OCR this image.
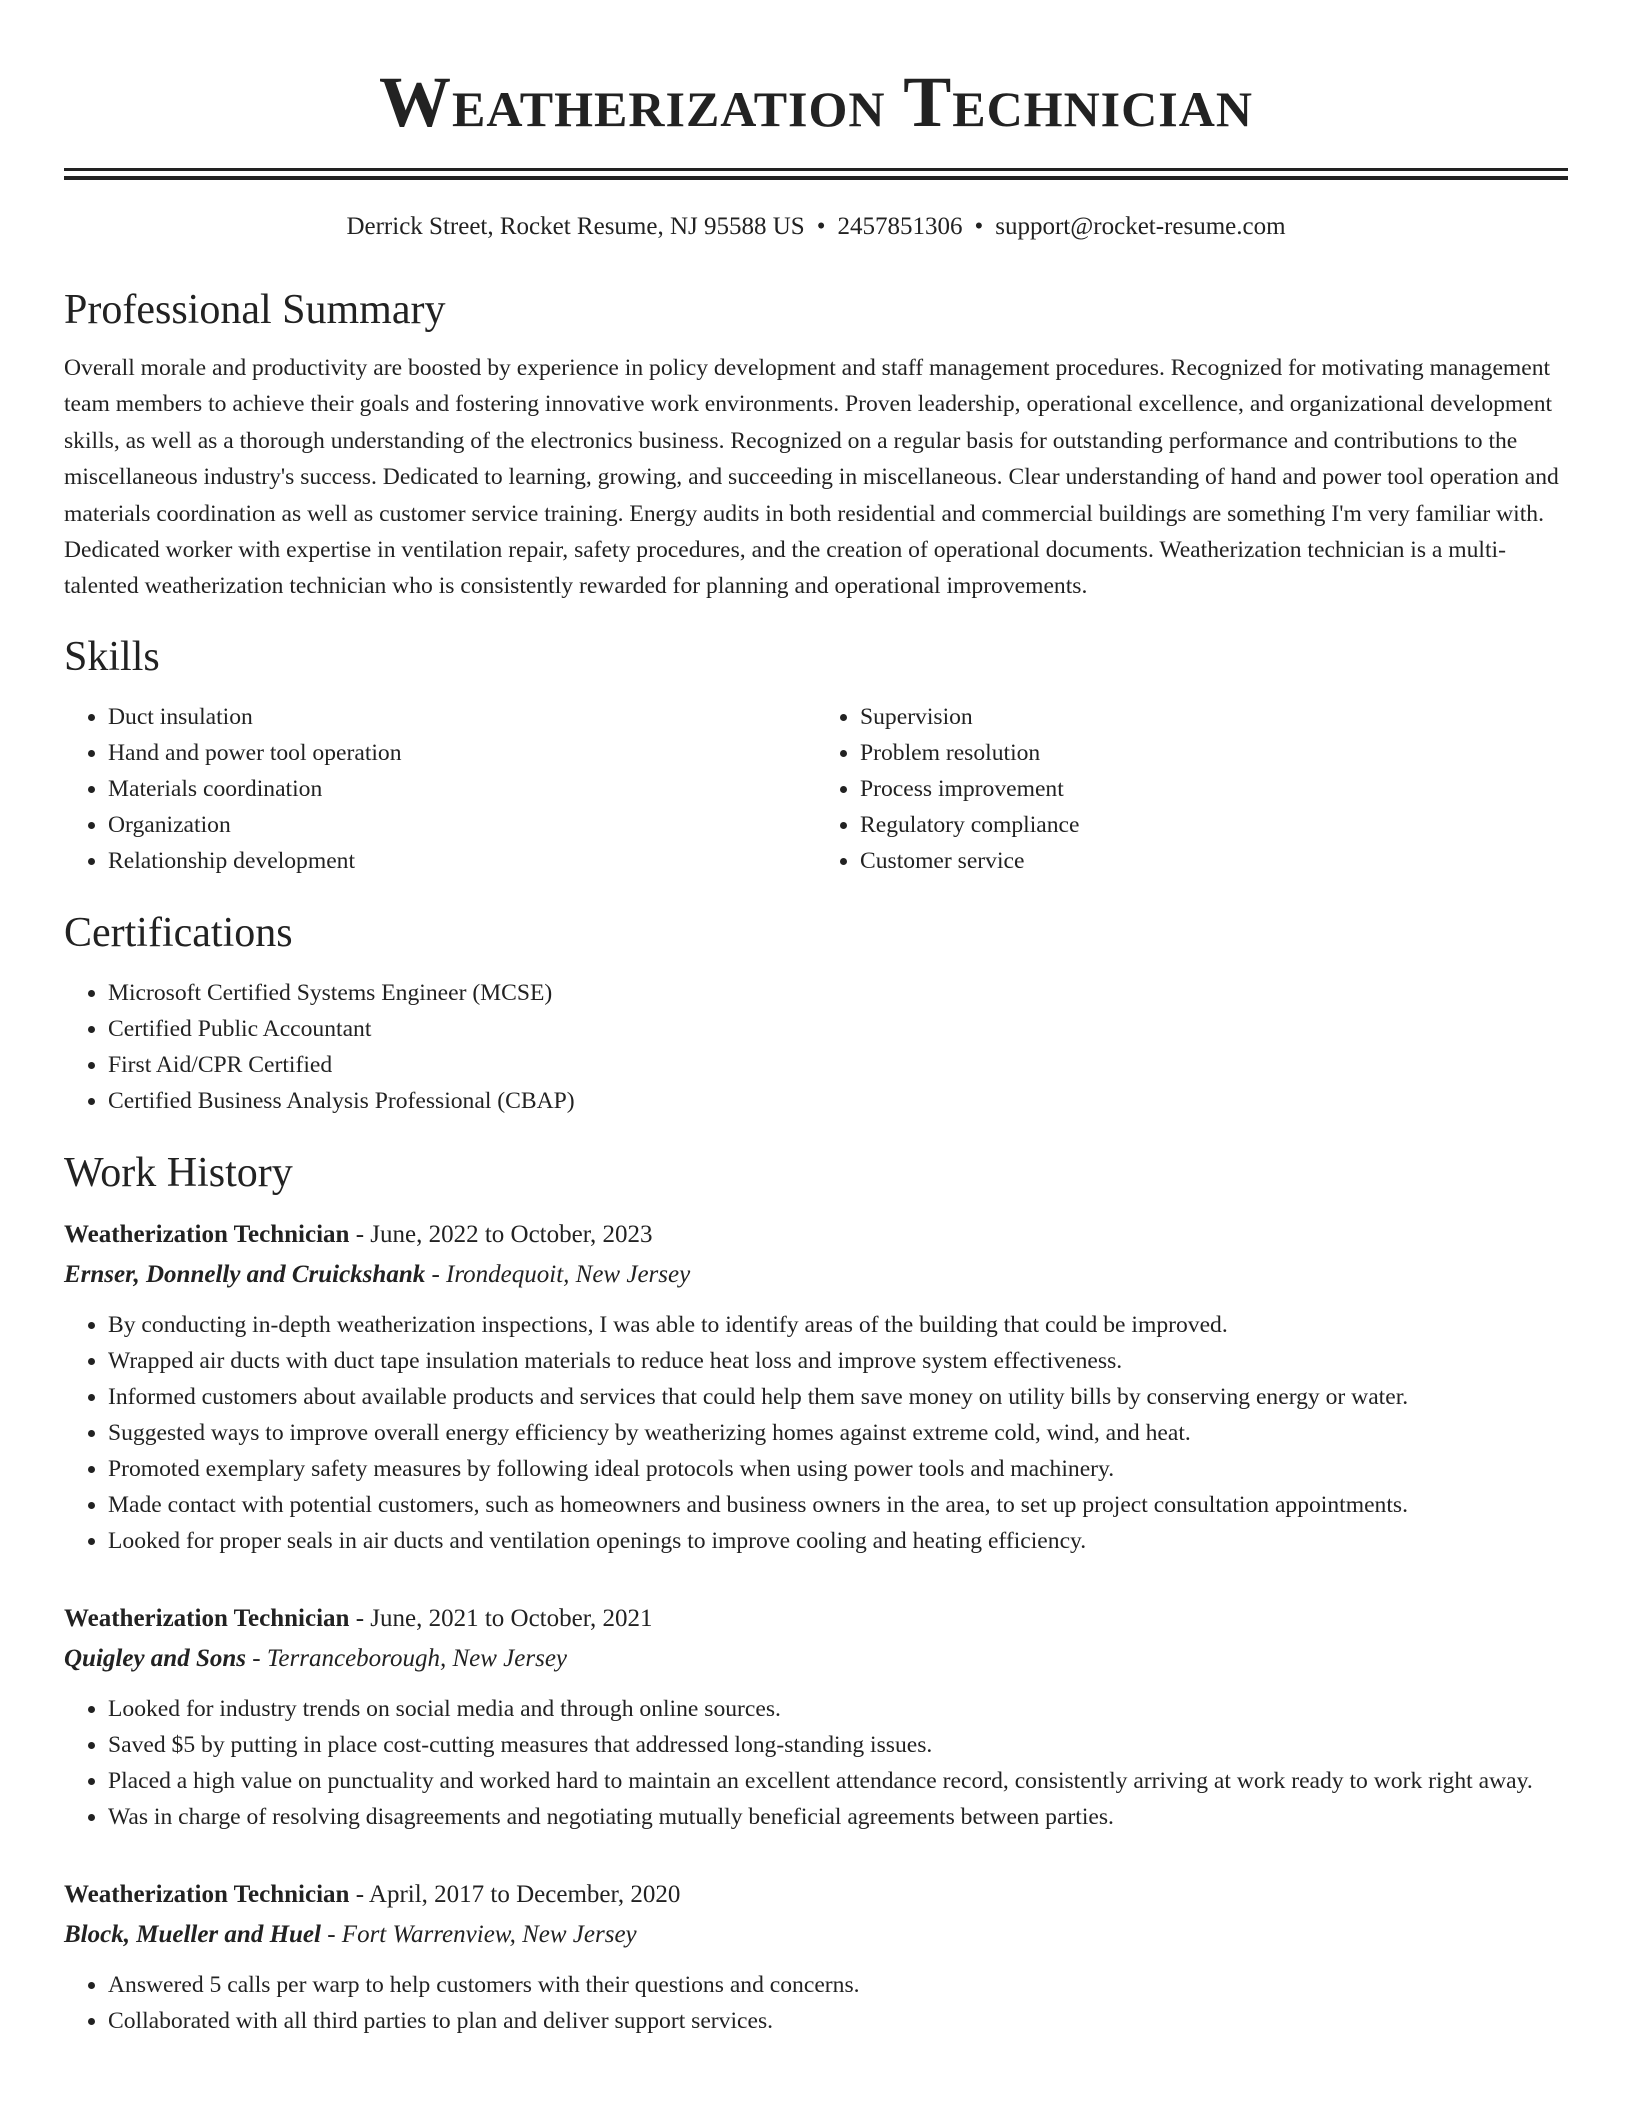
Weatherization Technician
Derrick Street, Rocket Resume, NJ 95588 US • 2457851306 • support@rocket-resume.com
Professional Summary

Overall morale and productivity are boosted by experience in policy development and staff management procedures. Recognized for motivating management team members to achieve their goals and fostering innovative work environments. Proven leadership, operational excellence, and organizational development skills, as well as a thorough understanding of the electronics business. Recognized on a regular basis for outstanding performance and contributions to the miscellaneous industry's success. Dedicated to learning, growing, and succeeding in miscellaneous. Clear understanding of hand and power tool operation and materials coordination as well as customer service training. Energy audits in both residential and commercial buildings are something I'm very familiar with. Dedicated worker with expertise in ventilation repair, safety procedures, and the creation of operational documents. Weatherization technician is a multi-talented weatherization technician who is consistently rewarded for planning and operational improvements.

Skills
• Duct insulation
• Hand and power tool operation
• Materials coordination
• Organization
• Relationship development
• Supervision
• Problem resolution
• Process improvement
• Regulatory compliance
• Customer service
Certifications
• Microsoft Certified Systems Engineer (MCSE)
• Certified Public Accountant
• First Aid/CPR Certified
• Certified Business Analysis Professional (CBAP)
Work History
Weatherization Technician - June, 2022 to October, 2023
Ernser, Donnelly and Cruickshank - Irondequoit, New Jersey
• By conducting in-depth weatherization inspections, I was able to identify areas of the building that could be improved.
• Wrapped air ducts with duct tape insulation materials to reduce heat loss and improve system effectiveness.
• Informed customers about available products and services that could help them save money on utility bills by conserving energy or water.
• Suggested ways to improve overall energy efficiency by weatherizing homes against extreme cold, wind, and heat.
• Promoted exemplary safety measures by following ideal protocols when using power tools and machinery.
• Made contact with potential customers, such as homeowners and business owners in the area, to set up project consultation appointments.
• Looked for proper seals in air ducts and ventilation openings to improve cooling and heating efficiency.
Weatherization Technician - June, 2021 to October, 2021
Quigley and Sons - Terranceborough, New Jersey
• Looked for industry trends on social media and through online sources.
• Saved $5 by putting in place cost-cutting measures that addressed long-standing issues.
• Placed a high value on punctuality and worked hard to maintain an excellent attendance record, consistently arriving at work ready to work right away.
• Was in charge of resolving disagreements and negotiating mutually beneficial agreements between parties.
Weatherization Technician - April, 2017 to December, 2020
Block, Mueller and Huel - Fort Warrenview, New Jersey
• Answered 5 calls per warp to help customers with their questions and concerns.
• Collaborated with all third parties to plan and deliver support services.
